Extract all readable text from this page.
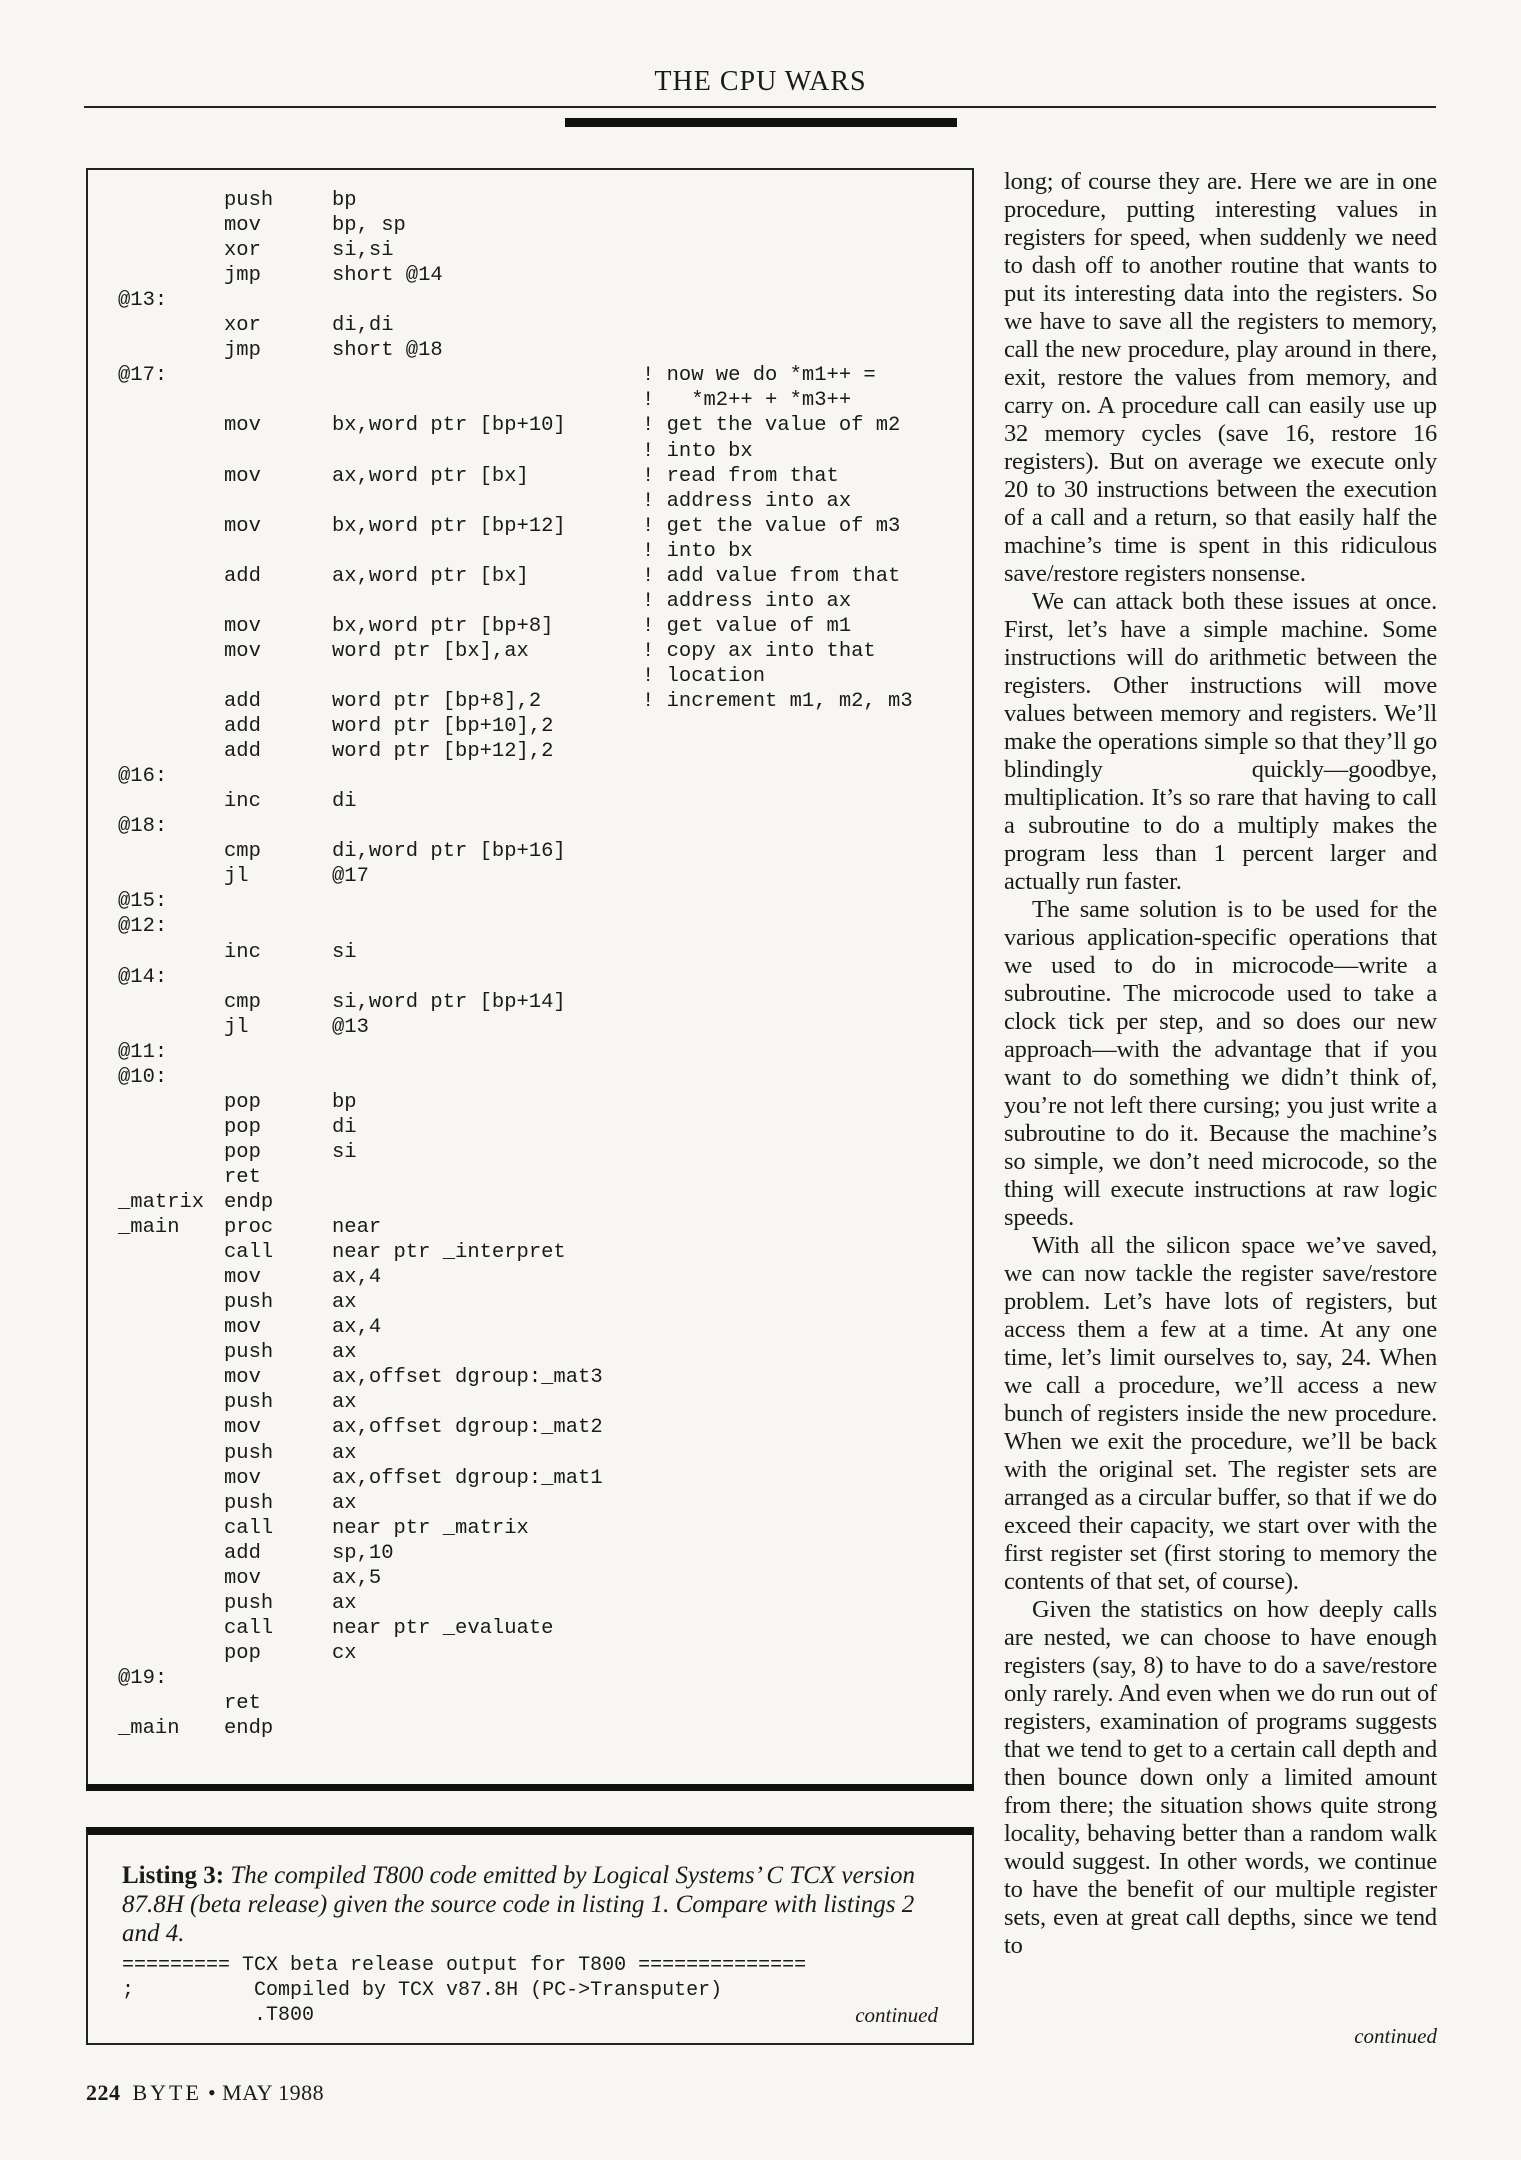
THE CPU WARS
push	bp
mov	bp, sp
xor	si,si
jmp	short @14
@13:
xor	di,di
jmp	short @18
@17:	! now we do *m1++ =
!   *m2++ + *m3++
mov	bx,word ptr [bp+10]	! get the value of m2
! into bx
mov	ax,word ptr [bx]	! read from that
! address into ax
mov	bx,word ptr [bp+12]	! get the value of m3
! into bx
add	ax,word ptr [bx]	! add value from that
! address into ax
mov	bx,word ptr [bp+8]	! get value of m1
mov	word ptr [bx],ax	! copy ax into that
! location
add	word ptr [bp+8],2	! increment m1, m2, m3
add	word ptr [bp+10],2
add	word ptr [bp+12],2
@16:
inc	di
@18:
cmp	di,word ptr [bp+16]
jl	@17
@15:
@12:
inc	si
@14:
cmp	si,word ptr [bp+14]
jl	@13
@11:
@10:
pop	bp
pop	di
pop	si
ret
_matrix endp
_main proc	near
call	near ptr _interpret
mov	ax,4
push	ax
mov	ax,4
push	ax
mov	ax,offset dgroup:_mat3
push	ax
mov	ax,offset dgroup:_mat2
push	ax
mov	ax,offset dgroup:_mat1
push	ax
call	near ptr _matrix
add	sp,10
mov	ax,5
push	ax
call	near ptr _evaluate
pop	cx
@19:
ret
_main endp
Listing 3: The compiled T800 code emitted by Logical Systems’ C TCX version 87.8H (beta release) given the source code in listing 1. Compare with listings 2 and 4.
========= TCX beta release output for T800 ==============
;          Compiled by TCX v87.8H (PC->Transputer)
.T800	continued

long; of course they are. Here we are in one procedure, putting interesting values in registers for speed, when suddenly we need to dash off to another routine that wants to put its interesting data into the registers. So we have to save all the registers to memory, call the new procedure, play around in there, exit, restore the values from memory, and carry on. A procedure call can easily use up 32 memory cycles (save 16, restore 16 registers). But on average we execute only 20 to 30 instructions between the execution of a call and a return, so that easily half the machine’s time is spent in this ridiculous save/restore registers nonsense.

We can attack both these issues at once. First, let’s have a simple machine. Some instructions will do arithmetic between the registers. Other instructions will move values between memory and registers. We’ll make the operations simple so that they’ll go blindingly quickly—goodbye, multiplication. It’s so rare that having to call a subroutine to do a multiply makes the program less than 1 percent larger and actually run faster.

The same solution is to be used for the various application-specific operations that we used to do in microcode—write a subroutine. The microcode used to take a clock tick per step, and so does our new approach—with the advantage that if you want to do something we didn’t think of, you’re not left there cursing; you just write a subroutine to do it. Because the machine’s so simple, we don’t need microcode, so the thing will execute instructions at raw logic speeds.

With all the silicon space we’ve saved, we can now tackle the register save/restore problem. Let’s have lots of registers, but access them a few at a time. At any one time, let’s limit ourselves to, say, 24. When we call a procedure, we’ll access a new bunch of registers inside the new procedure. When we exit the procedure, we’ll be back with the original set. The register sets are arranged as a circular buffer, so that if we do exceed their capacity, we start over with the first register set (first storing to memory the contents of that set, of course).

Given the statistics on how deeply calls are nested, we can choose to have enough registers (say, 8) to have to do a save/restore only rarely. And even when we do run out of registers, examination of programs suggests that we tend to get to a certain call depth and then bounce down only a limited amount from there; the situation shows quite strong locality, behaving better than a random walk would suggest. In other words, we continue to have the benefit of our multiple register sets, even at great call depths, since we tend to

continued
224 BYTE • MAY 1988
